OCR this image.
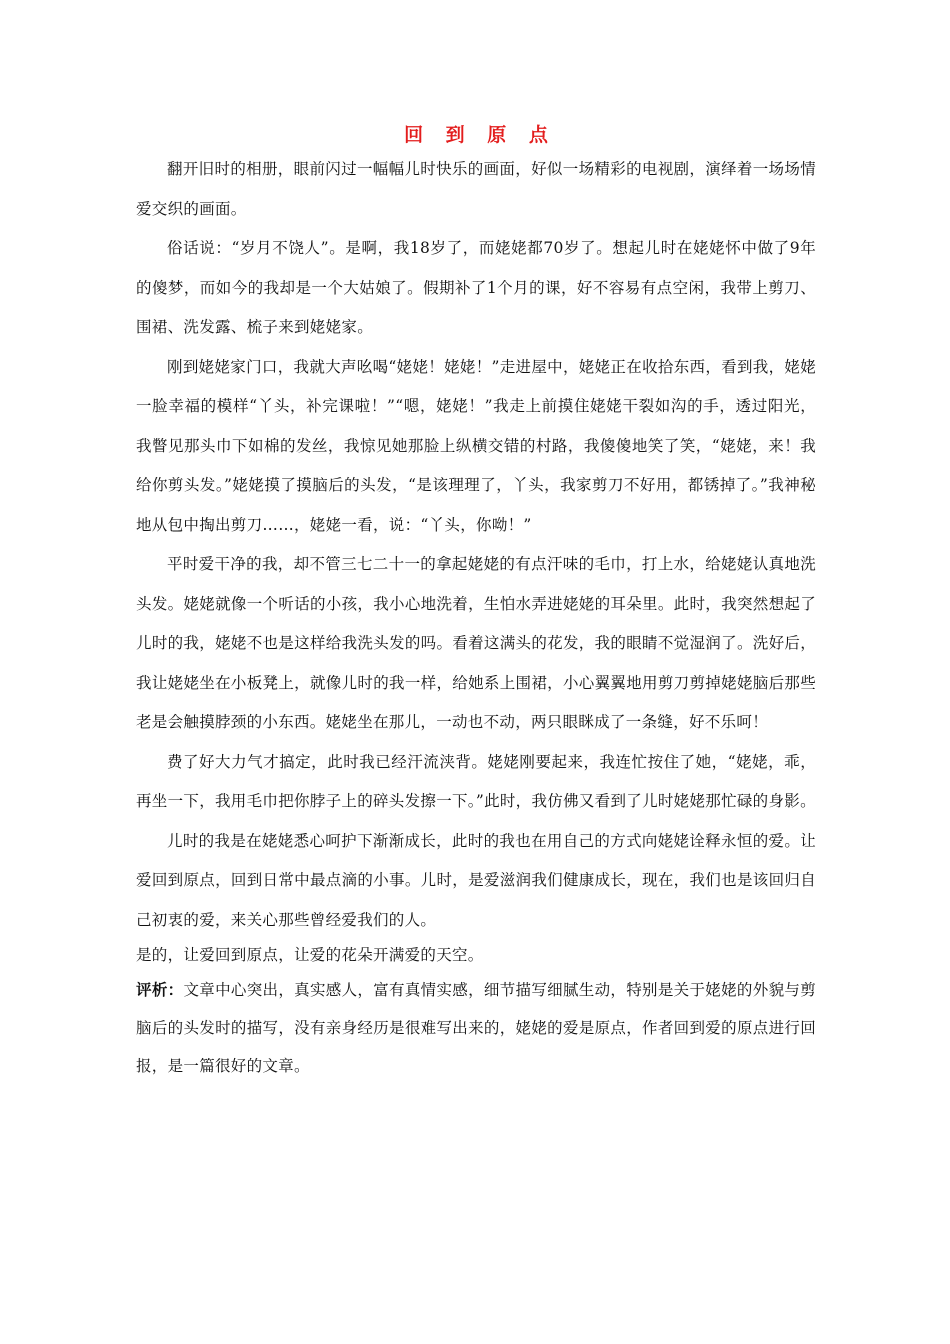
回 到 原 点

翻开旧时的相册，眼前闪过一幅幅儿时快乐的画面，好似一场精彩的电视剧，演绎着一场场情爱交织的画面。

俗话说：“岁月不饶人”。是啊，我18岁了，而姥姥都70岁了。想起儿时在姥姥怀中做了9年的傻梦，而如今的我却是一个大姑娘了。假期补了1个月的课，好不容易有点空闲，我带上剪刀、围裙、洗发露、梳子来到姥姥家。

刚到姥姥家门口，我就大声吆喝“姥姥！姥姥！”走进屋中，姥姥正在收拾东西，看到我，姥姥一脸幸福的模样“丫头，补完课啦！”“嗯，姥姥！”我走上前摸住姥姥干裂如沟的手，透过阳光，我瞥见那头巾下如棉的发丝，我惊见她那脸上纵横交错的村路，我傻傻地笑了笑，“姥姥，来！我给你剪头发。”姥姥摸了摸脑后的头发，“是该理理了，丫头，我家剪刀不好用，都锈掉了。”我神秘地从包中掏出剪刀……，姥姥一看，说：“丫头，你呦！”

平时爱干净的我，却不管三七二十一的拿起姥姥的有点汗味的毛巾，打上水，给姥姥认真地洗头发。姥姥就像一个听话的小孩，我小心地洗着，生怕水弄进姥姥的耳朵里。此时，我突然想起了儿时的我，姥姥不也是这样给我洗头发的吗。看着这满头的花发，我的眼睛不觉湿润了。洗好后，我让姥姥坐在小板凳上，就像儿时的我一样，给她系上围裙，小心翼翼地用剪刀剪掉姥姥脑后那些老是会触摸脖颈的小东西。姥姥坐在那儿，一动也不动，两只眼眯成了一条缝，好不乐呵！

费了好大力气才搞定，此时我已经汗流浃背。姥姥刚要起来，我连忙按住了她，“姥姥，乖，再坐一下，我用毛巾把你脖子上的碎头发擦一下。”此时，我仿佛又看到了儿时姥姥那忙碌的身影。

儿时的我是在姥姥悉心呵护下渐渐成长，此时的我也在用自己的方式向姥姥诠释永恒的爱。让爱回到原点，回到日常中最点滴的小事。儿时，是爱滋润我们健康成长，现在，我们也是该回归自己初衷的爱，来关心那些曾经爱我们的人。

是的，让爱回到原点，让爱的花朵开满爱的天空。

评析：文章中心突出，真实感人，富有真情实感，细节描写细腻生动，特别是关于姥姥的外貌与剪脑后的头发时的描写，没有亲身经历是很难写出来的，姥姥的爱是原点，作者回到爱的原点进行回报，是一篇很好的文章。
